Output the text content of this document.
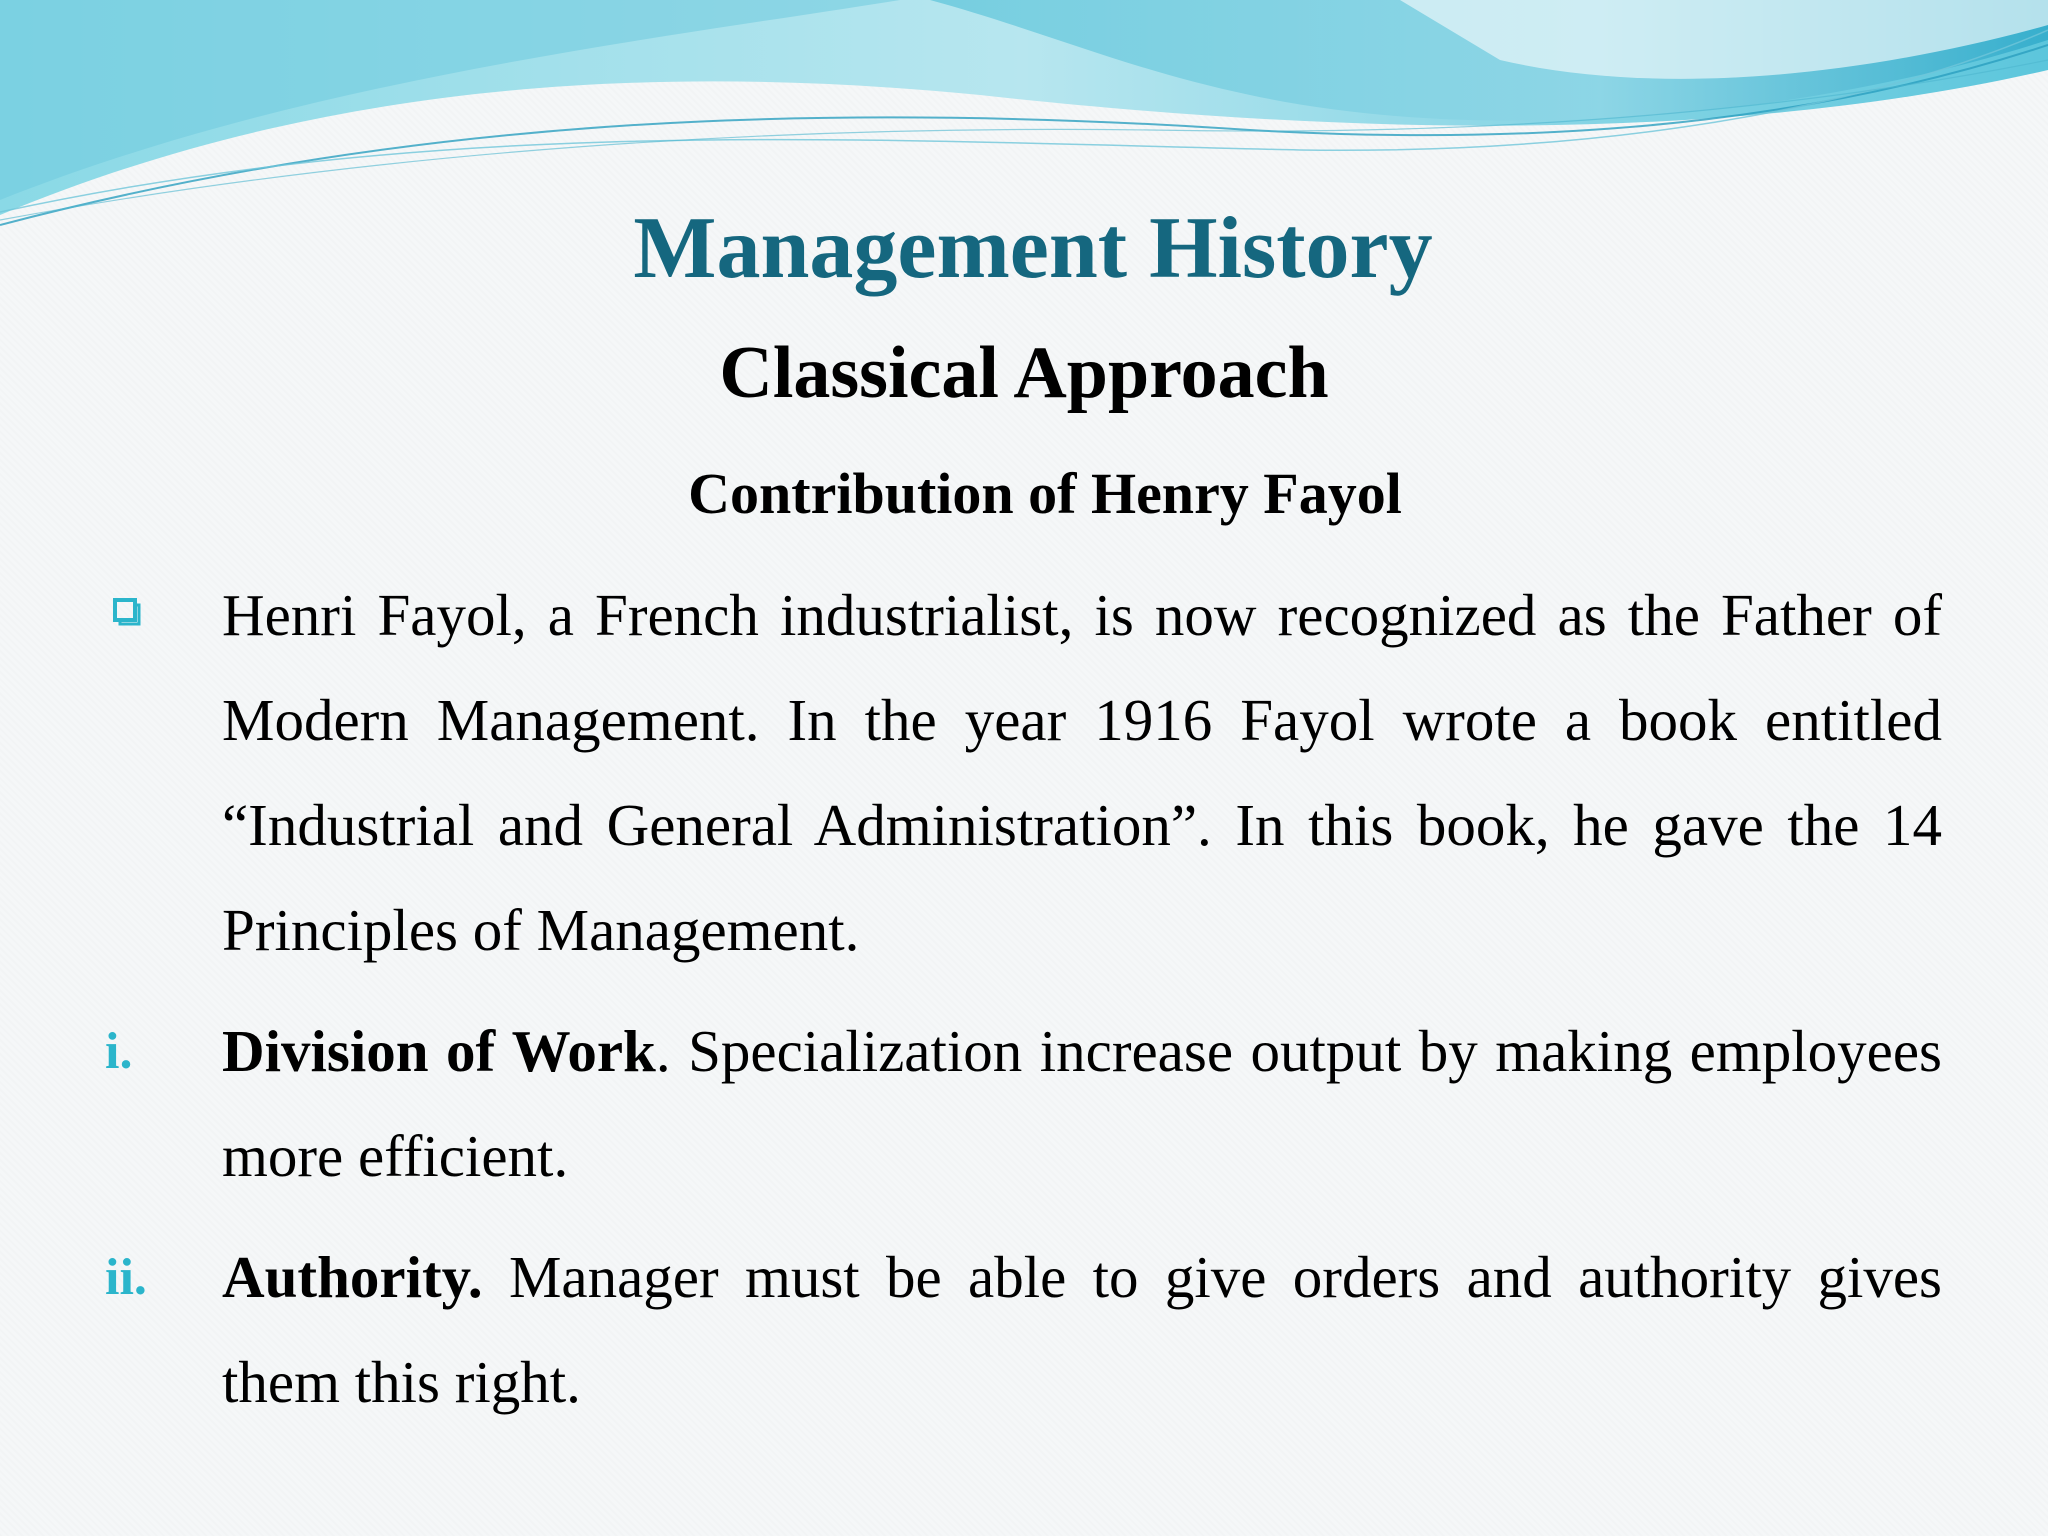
Management History
Classical Approach
Contribution of Henry Fayol
Henri Fayol, a French industrialist, is now recognized as the Father of Modern Management. In the year 1916 Fayol wrote a book entitled “Industrial and General Administration”. In this book, he gave the 14 Principles of Management.
i. Division of Work. Specialization increase output by making employees more efficient.
ii. Authority. Manager must be able to give orders and authority gives them this right.
